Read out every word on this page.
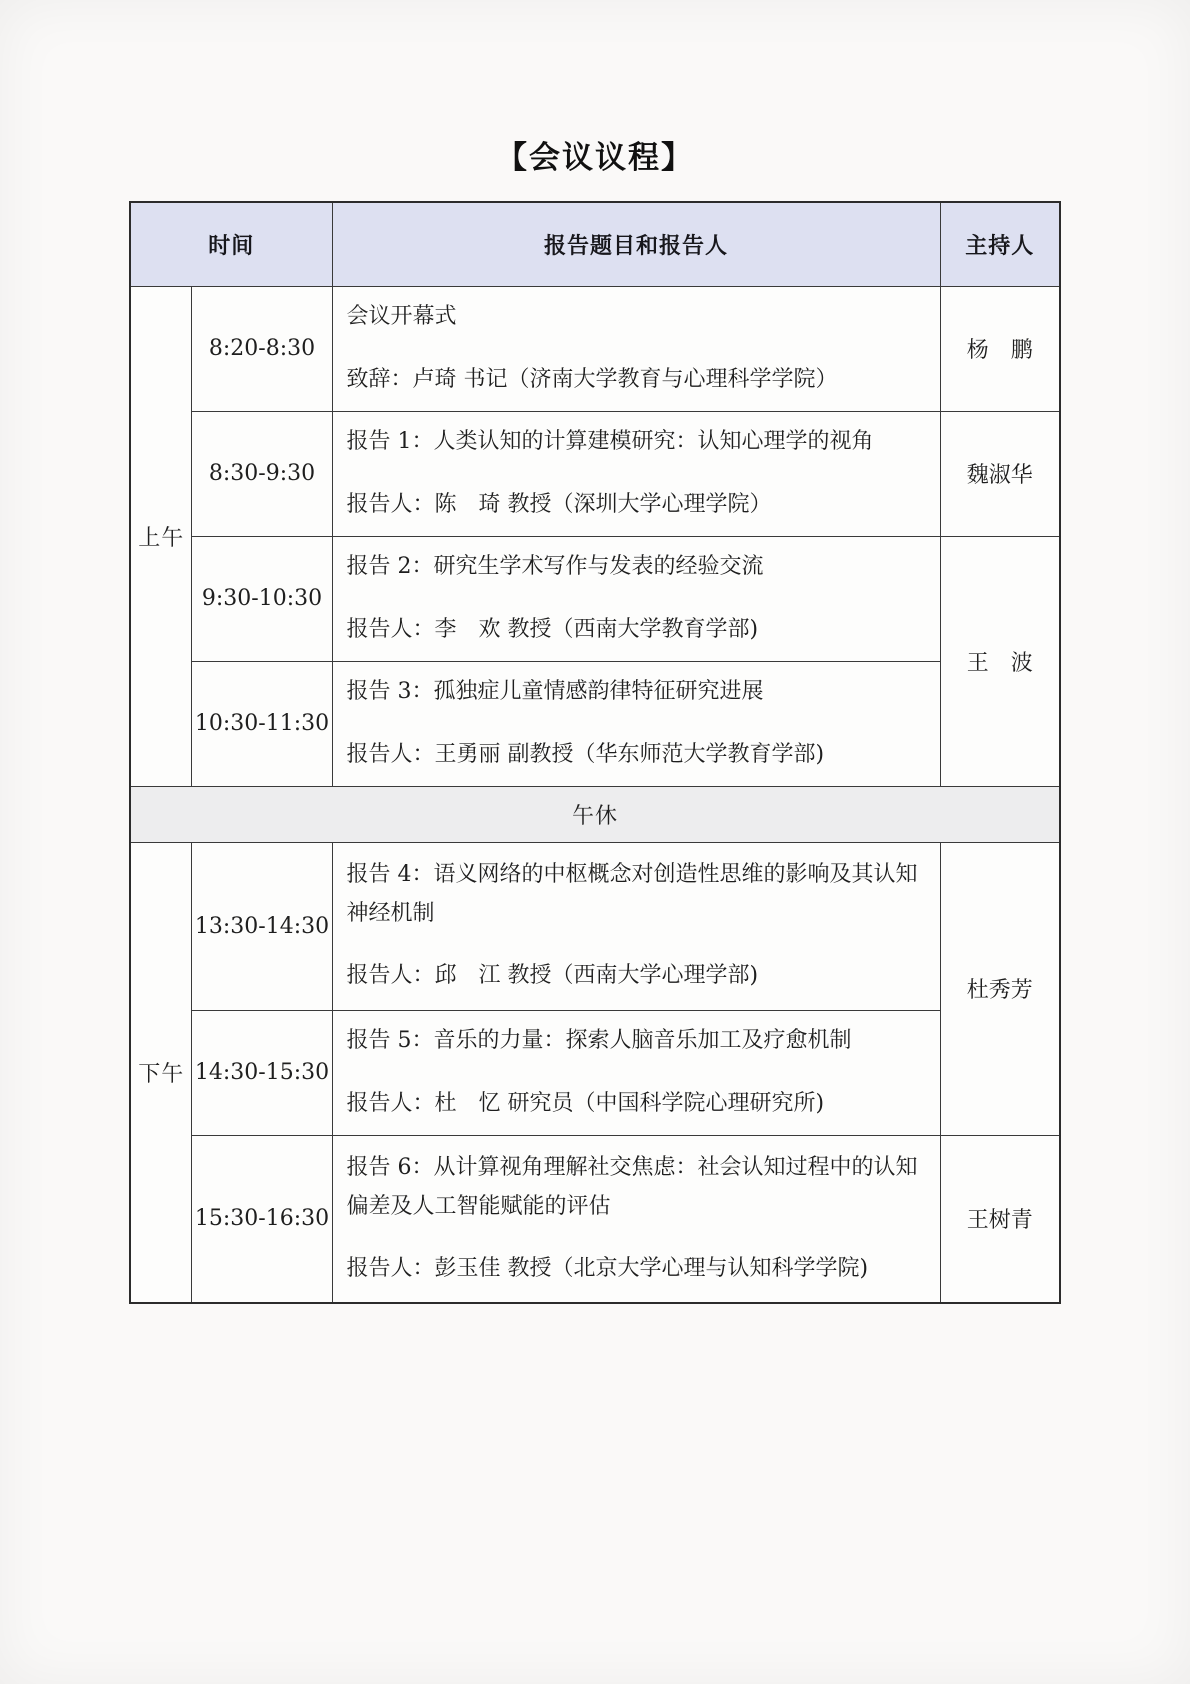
【会议议程】
时间		报告题目和报告人	主持人
上午	8:20-8:30	会议开幕式
致辞：卢琦 书记（济南大学教育与心理科学学院）	杨　鹏
	8:30-9:30	报告 1：人类认知的计算建模研究：认知心理学的视角
报告人：陈　琦 教授（深圳大学心理学院）	魏淑华
	9:30-10:30	报告 2：研究生学术写作与发表的经验交流
报告人：李　欢 教授（西南大学教育学部)	王　波
	10:30-11:30	报告 3：孤独症儿童情感韵律特征研究进展
报告人：王勇丽 副教授（华东师范大学教育学部)	

午休			
下午	13:30-14:30	报告 4：语义网络的中枢概念对创造性思维的影响及其认知神经机制
报告人：邱　江 教授（西南大学心理学部)	杜秀芳
	14:30-15:30	报告 5：音乐的力量：探索人脑音乐加工及疗愈机制
报告人：杜　忆 研究员（中国科学院心理研究所)	

	15:30-16:30	报告 6：从计算视角理解社交焦虑：社会认知过程中的认知偏差及人工智能赋能的评估
报告人：彭玉佳 教授（北京大学心理与认知科学学院)	王树青
